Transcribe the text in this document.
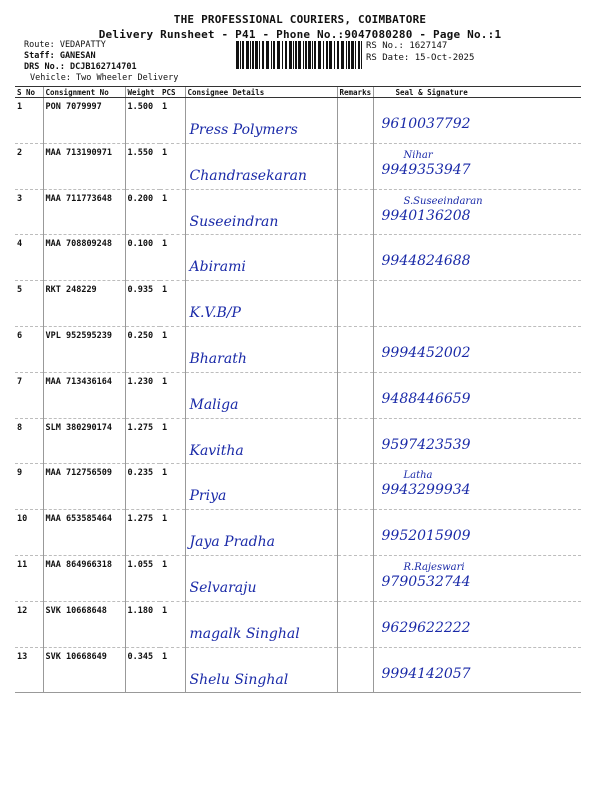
THE PROFESSIONAL COURIERS, COIMBATORE
Delivery Runsheet - P41 - Phone No.:9047080280 - Page No.:1
Route: VEDAPATTY
Staff: GANESAN
DRS No.: DCJB162714701
Vehicle: Two Wheeler Delivery
RS No.: 1627147
RS Date: 15-Oct-2025
S No	Consignment No	Weight	PCS	Consignee Details	Remarks	Seal & Signature
1	PON 7079997	1.500	1	Press Polymers		9610037792

2	MAA 713190971	1.550	1	Chandrasekaran		Nihar
9949353947

3	MAA 711773648	0.200	1	Suseeindran		S.Suseeindaran
9940136208

4	MAA 708809248	0.100	1	Abirami		9944824688

5	RKT 248229	0.935	1	K.V.B/P		

6	VPL 952595239	0.250	1	Bharath		9994452002

7	MAA 713436164	1.230	1	Maliga		9488446659

8	SLM 380290174	1.275	1	Kavitha		9597423539

9	MAA 712756509	0.235	1	Priya		Latha
9943299934

10	MAA 653585464	1.275	1	Jaya Pradha		9952015909

11	MAA 864966318	1.055	1	Selvaraju		R.Rajeswari
9790532744

12	SVK 10668648	1.180	1	magalk Singhal		9629622222

13	SVK 10668649	0.345	1	Shelu Singhal		9994142057
